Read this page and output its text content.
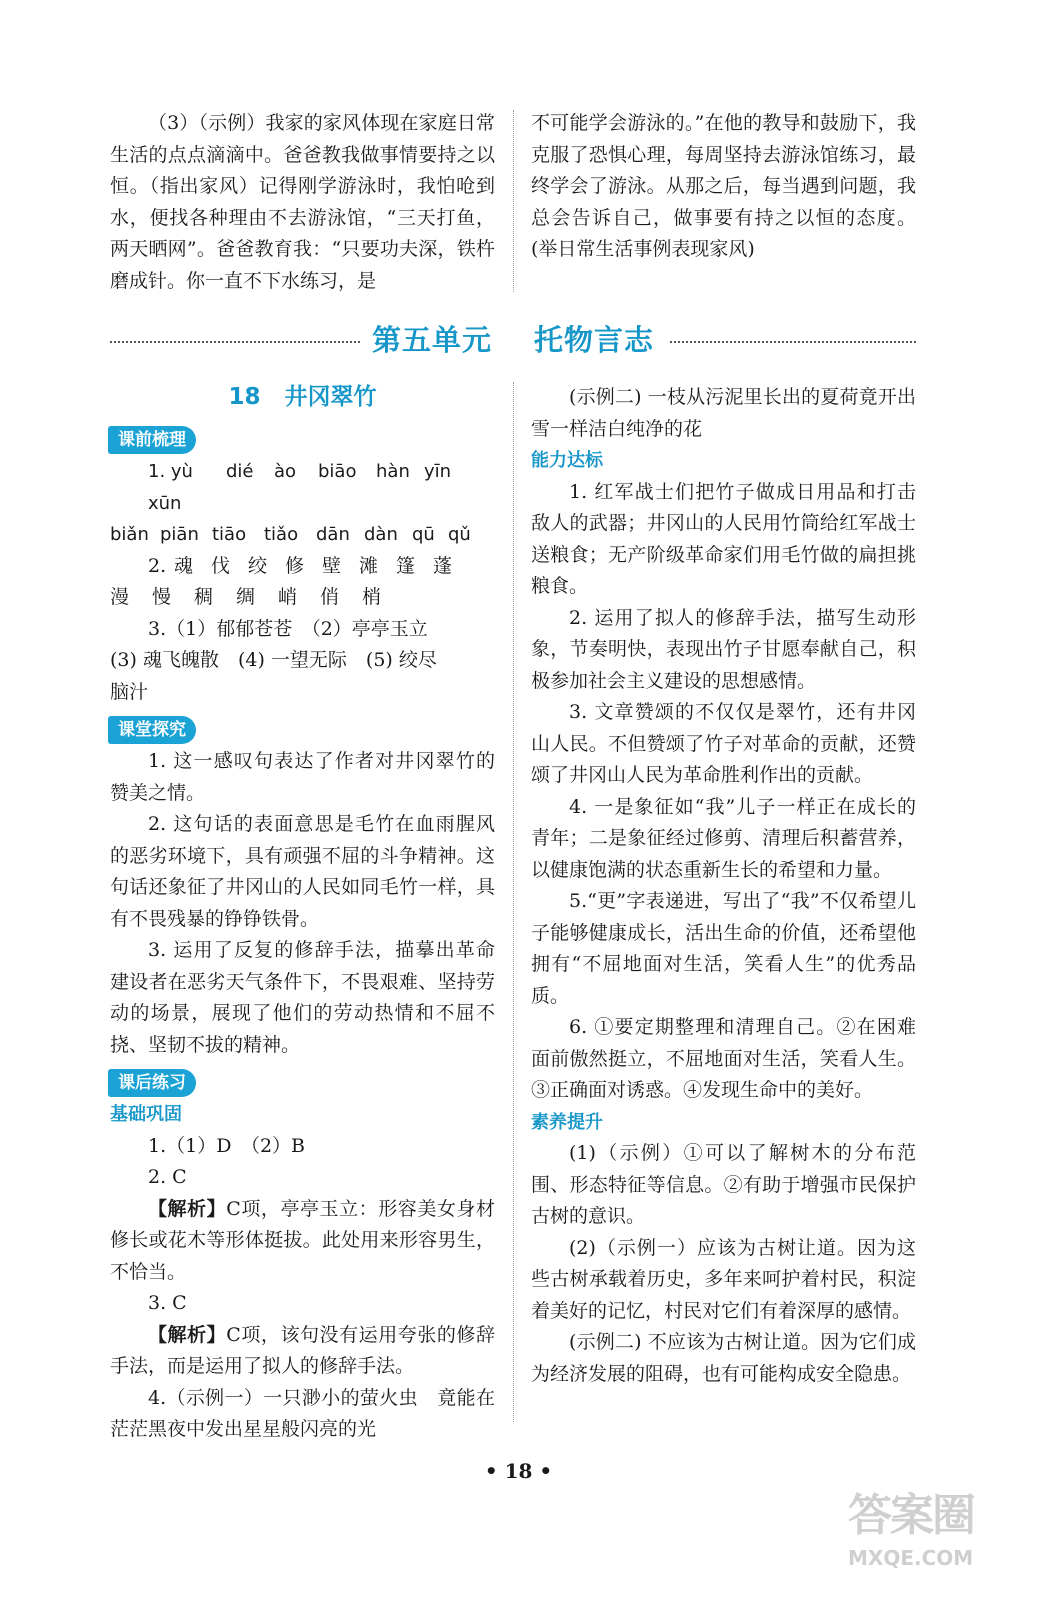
（3）（示例）我家的家风体现在家庭日常生活的点点滴滴中。爸爸教我做事情要持之以恒。（指出家风）记得刚学游泳时，我怕呛到水，便找各种理由不去游泳馆，“三天打鱼，两天晒网”。爸爸教育我：“只要功夫深，铁杵磨成针。你一直不下水练习，是

不可能学会游泳的。”在他的教导和鼓励下，我克服了恐惧心理，每周坚持去游泳馆练习，最终学会了游泳。从那之后，每当遇到问题，我总会告诉自己，做事要有持之以恒的态度。(举日常生活事例表现家风)

第五单元 托物言志
18 井冈翠竹
课前梳理
1. yù dié ào biāo hàn yīnxūn
biǎn piān tiāo tiǎo dān dàn qū qǔ
2. 魂 伐 绞 修 壁 滩 篷 蓬
漫 慢 稠 绸 峭 俏 梢

3.（1）郁郁苍苍　（2）亭亭玉立

(3) 魂飞魄散　(4) 一望无际　(5) 绞尽

脑汁

课堂探究

1. 这一感叹句表达了作者对井冈翠竹的赞美之情。

2. 这句话的表面意思是毛竹在血雨腥风的恶劣环境下，具有顽强不屈的斗争精神。这句话还象征了井冈山的人民如同毛竹一样，具有不畏残暴的铮铮铁骨。

3. 运用了反复的修辞手法，描摹出革命建设者在恶劣天气条件下，不畏艰难、坚持劳动的场景，展现了他们的劳动热情和不屈不挠、坚韧不拔的精神。

课后练习
基础巩固

1.（1）D　（2）B

2. C

【解析】C项，亭亭玉立：形容美女身材修长或花木等形体挺拔。此处用来形容男生，不恰当。

3. C

【解析】C项，该句没有运用夸张的修辞手法，而是运用了拟人的修辞手法。

4.（示例一）一只渺小的萤火虫　竟能在茫茫黑夜中发出星星般闪亮的光

(示例二) 一枝从污泥里长出的夏荷竟开出雪一样洁白纯净的花

能力达标

1. 红军战士们把竹子做成日用品和打击敌人的武器；井冈山的人民用竹筒给红军战士送粮食；无产阶级革命家们用毛竹做的扁担挑粮食。

2. 运用了拟人的修辞手法，描写生动形象，节奏明快，表现出竹子甘愿奉献自己，积极参加社会主义建设的思想感情。

3. 文章赞颂的不仅仅是翠竹，还有井冈山人民。不但赞颂了竹子对革命的贡献，还赞颂了井冈山人民为革命胜利作出的贡献。

4. 一是象征如“我”儿子一样正在成长的青年；二是象征经过修剪、清理后积蓄营养，以健康饱满的状态重新生长的希望和力量。

5.“更”字表递进，写出了“我”不仅希望儿子能够健康成长，活出生命的价值，还希望他拥有“不屈地面对生活，笑看人生”的优秀品质。

6. ①要定期整理和清理自己。②在困难面前傲然挺立，不屈地面对生活，笑看人生。③正确面对诱惑。④发现生命中的美好。

素养提升

(1)（示例）①可以了解树木的分布范围、形态特征等信息。②有助于增强市民保护古树的意识。

(2)（示例一）应该为古树让道。因为这些古树承载着历史，多年来呵护着村民，积淀着美好的记忆，村民对它们有着深厚的感情。

(示例二) 不应该为古树让道。因为它们成为经济发展的阻碍，也有可能构成安全隐患。

• 18 •
答案圈
MXQE.COM
